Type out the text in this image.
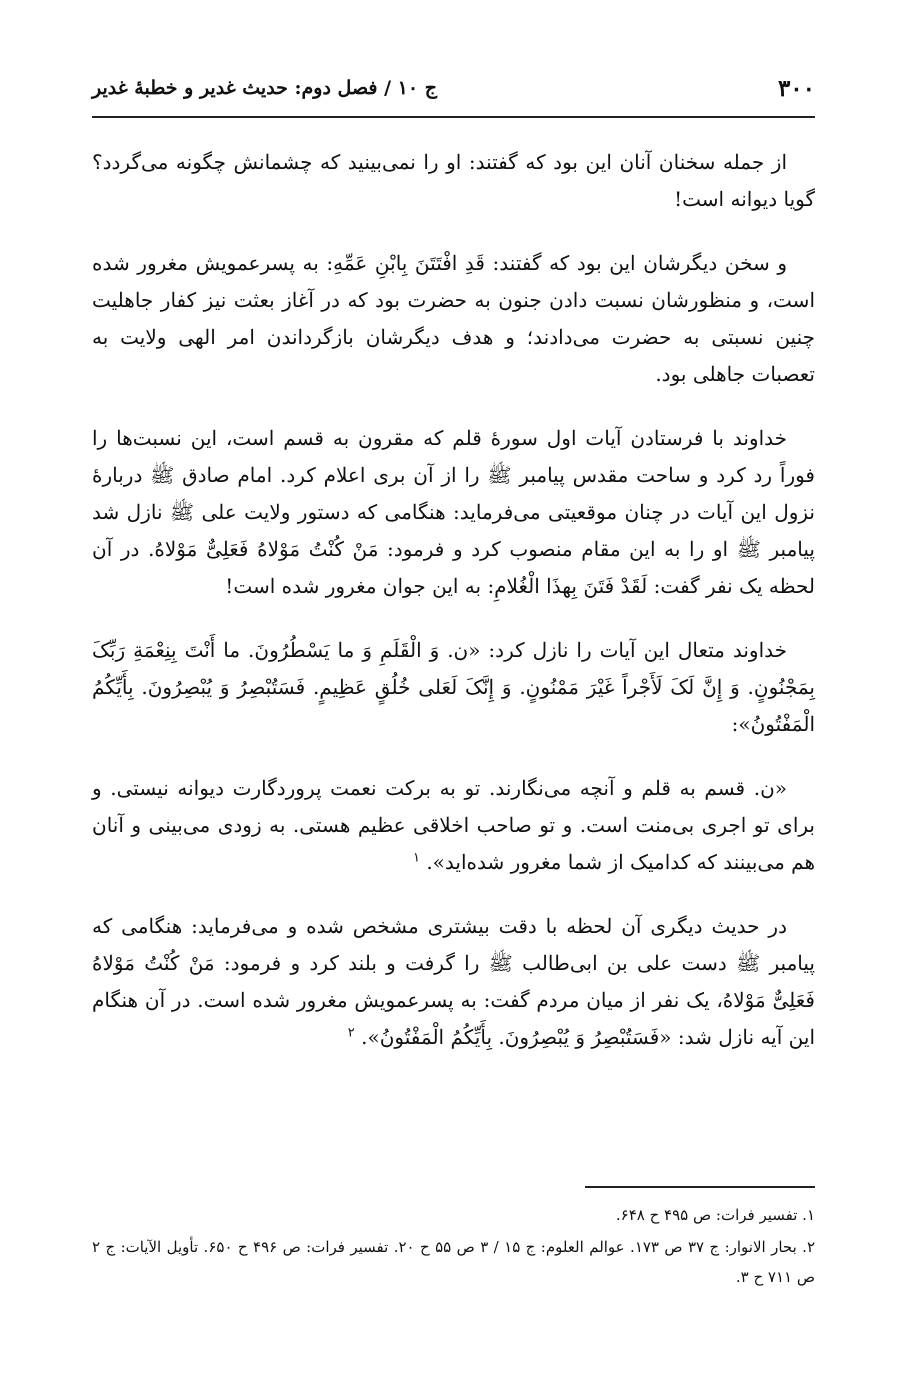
۳۰۰
ج ۱۰ / فصل دوم: حدیث غدیر و خطبۀ غدیر

از جمله سخنان آنان این بود که گفتند: او را نمی‌بینید که چشمانش چگونه می‌گردد؟ گویا دیوانه است!

و سخن دیگرشان این بود که گفتند: قَدِ افْتَتَنَ بِابْنِ عَمِّهِ: به پسرعمویش مغرور شده است، و منظورشان نسبت دادن جنون به حضرت بود که در آغاز بعثت نیز کفار جاهلیت چنین نسبتی به حضرت می‌دادند؛ و هدف دیگرشان بازگرداندن امر الهی ولایت به تعصبات جاهلی بود.

خداوند با فرستادن آیات اول سورۀ قلم که مقرون به قسم است، این نسبت‌ها را فوراً رد کرد و ساحت مقدس پیامبر ﷺ را از آن بری اعلام کرد. امام صادق ﷺ دربارۀ نزول این آیات در چنان موقعیتی می‌فرماید: هنگامی که دستور ولایت علی ﷺ نازل شد پیامبر ﷺ او را به این مقام منصوب کرد و فرمود: مَنْ کُنْتُ مَوْلاهُ فَعَلِیٌّ مَوْلاهُ. در آن لحظه یک نفر گفت: لَقَدْ فَتَنَ بِهذَا الْغُلامِ: به این جوان مغرور شده است!

خداوند متعال این آیات را نازل کرد: «ن. وَ الْقَلَمِ وَ ما یَسْطُرُونَ. ما أَنْتَ بِنِعْمَةِ رَبِّکَ بِمَجْنُونٍ. وَ إِنَّ لَکَ لَأَجْراً غَیْرَ مَمْنُونٍ. وَ إِنَّکَ لَعَلی خُلُقٍ عَظِیمٍ. فَسَتُبْصِرُ وَ یُبْصِرُونَ. بِأَیِّکُمُ الْمَفْتُونُ»:

«ن. قسم به قلم و آنچه می‌نگارند. تو به برکت نعمت پروردگارت دیوانه نیستی. و برای تو اجری بی‌منت است. و تو صاحب اخلاقی عظیم هستی. به زودی می‌بینی و آنان هم می‌بینند که کدامیک از شما مغرور شده‌اید». $^۱$

در حدیث دیگری آن لحظه با دقت بیشتری مشخص شده و می‌فرماید: هنگامی که پیامبر ﷺ دست علی بن ابی‌طالب ﷺ را گرفت و بلند کرد و فرمود: مَنْ کُنْتُ مَوْلاهُ فَعَلِیٌّ مَوْلاهُ، یک نفر از میان مردم گفت: به پسرعمویش مغرور شده است. در آن هنگام این آیه نازل شد: «فَسَتُبْصِرُ وَ یُبْصِرُونَ. بِأَیِّکُمُ الْمَفْتُونُ». $^۲$

۱. تفسیر فرات: ص ۴۹۵ ح ۶۴۸.

۲. بحار الانوار: ج ۳۷ ص ۱۷۳. عوالم العلوم: ج ۱۵ / ۳ ص ۵۵ ح ۲۰. تفسیر فرات: ص ۴۹۶ ح ۶۵۰. تأویل الآیات: ج ۲ ص ۷۱۱ ح ۳.
